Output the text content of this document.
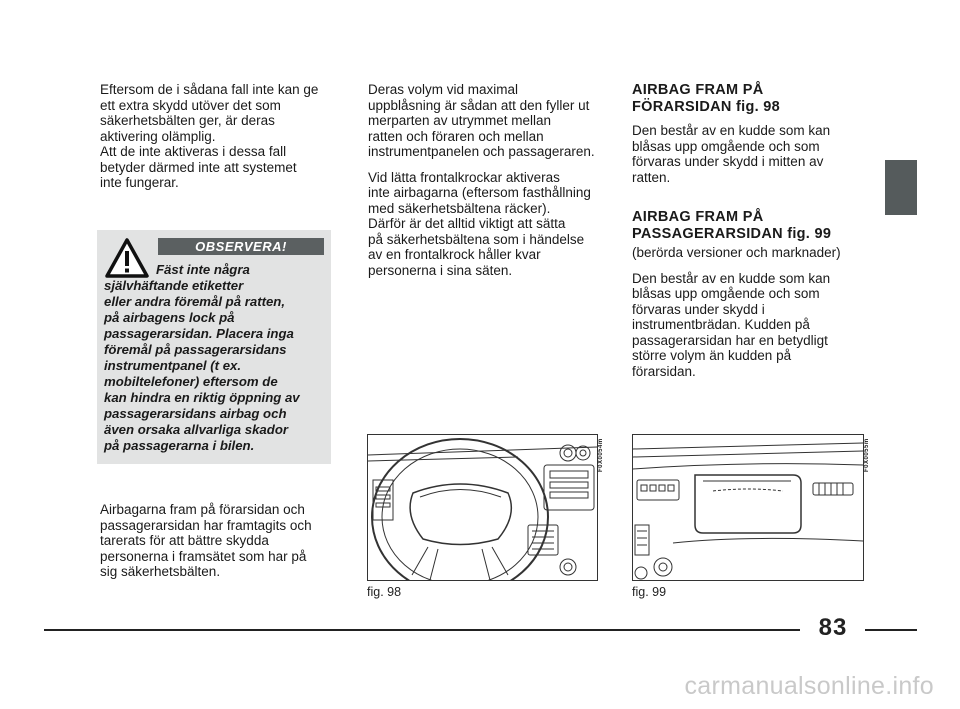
Eftersom de i sådana fall inte kan ge
ett extra skydd utöver det som
säkerhetsbälten ger, är deras
aktivering olämplig.
Att de inte aktiveras i dessa fall
betyder därmed inte att systemet
inte fungerar.

OBSERVERA!
Fäst inte några
självhäftande etiketter
eller andra föremål på ratten,
på airbagens lock på
passagerarsidan. Placera inga
föremål på passagerarsidans
instrumentpanel (t ex.
mobiltelefoner) eftersom de
kan hindra en riktig öppning av
passagerarsidans airbag och
även orsaka allvarliga skador
på passagerarna i bilen.

Airbagarna fram på förarsidan och
passagerarsidan har framtagits och
tarerats för att bättre skydda
personerna i framsätet som har på
sig säkerhetsbälten.

Deras volym vid maximal
uppblåsning är sådan att den fyller ut
merparten av utrymmet mellan
ratten och föraren och mellan
instrumentpanelen och passageraren.

Vid lätta frontalkrockar aktiveras
inte airbagarna (eftersom fasthållning
med säkerhetsbältena räcker).
Därför är det alltid viktigt att sätta
på säkerhetsbältena som i händelse
av en frontalkrock håller kvar
personerna i sina säten.

AIRBAG FRAM PÅ
FÖRARSIDAN fig. 98

Den består av en kudde som kan
blåsas upp omgående och som
förvaras under skydd i mitten av
ratten.

AIRBAG FRAM PÅ
PASSAGERARSIDAN fig. 99

(berörda versioner och marknader)

Den består av en kudde som kan
blåsas upp omgående och som
förvaras under skydd i
instrumentbrädan. Kudden på
passagerarsidan har en betydligt
större volym än kudden på
förarsidan.

F0X0054m
fig. 98
F0X0055m
fig. 99
83
carmanualsonline.info
